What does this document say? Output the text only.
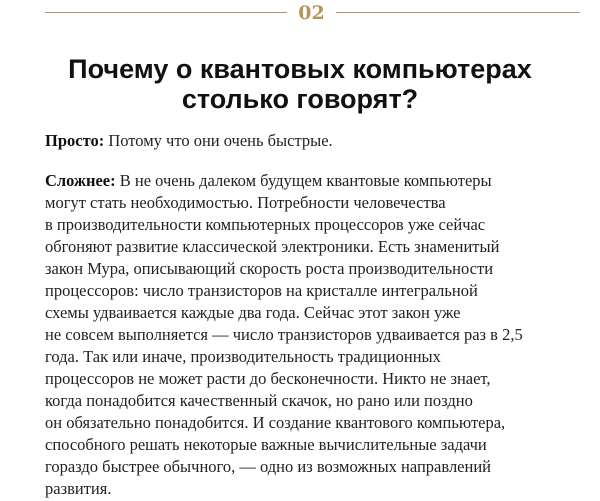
02
Почему о квантовых компьютерах
столько говорят?

Просто: Потому что они очень быстрые.

Сложнее: В не очень далеком будущем квантовые компьютеры
могут стать необходимостью. Потребности человечества
в производительности компьютерных процессоров уже сейчас
обгоняют развитие классической электроники. Есть знаменитый
закон Мура, описывающий скорость роста производительности
процессоров: число транзисторов на кристалле интегральной
схемы удваивается каждые два года. Сейчас этот закон уже
не совсем выполняется — число транзисторов удваивается раз в 2,5
года. Так или иначе, производительность традиционных
процессоров не может расти до бесконечности. Никто не знает,
когда понадобится качественный скачок, но рано или поздно
он обязательно понадобится. И создание квантового компьютера,
способного решать некоторые важные вычислительные задачи
гораздо быстрее обычного, — одно из возможных направлений
развития.
